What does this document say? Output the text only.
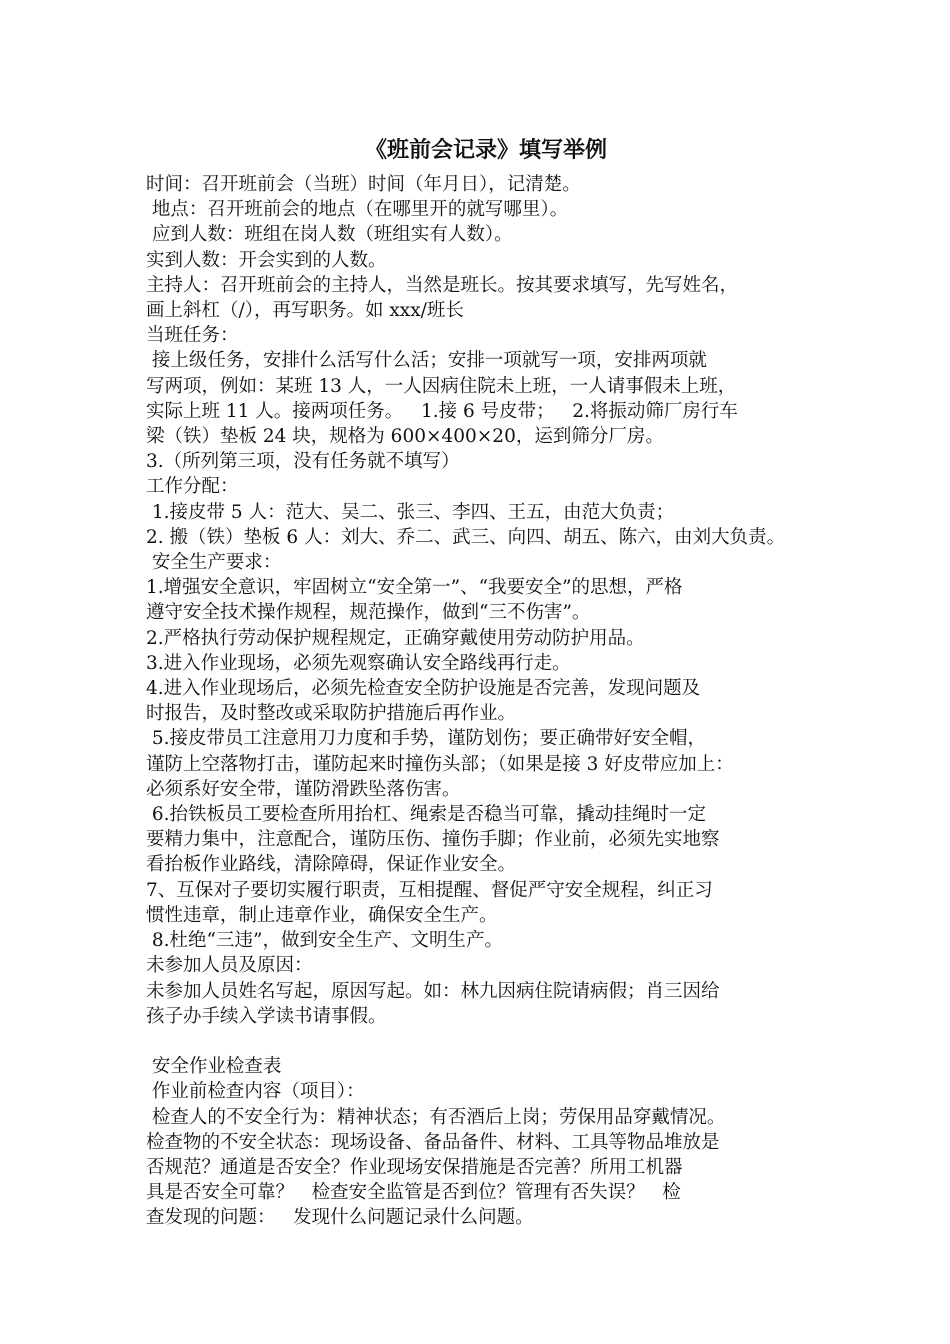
《班前会记录》填写举例

时间：召开班前会（当班）时间（年月日），记清楚。

地点：召开班前会的地点（在哪里开的就写哪里）。

应到人数：班组在岗人数（班组实有人数）。

实到人数：开会实到的人数。

主持人：召开班前会的主持人，当然是班长。按其要求填写，先写姓名，

画上斜杠（/），再写职务。如 xxx/班长

当班任务：

接上级任务，安排什么活写什么活；安排一项就写一项，安排两项就

写两项，例如：某班 13 人，一人因病住院未上班，一人请事假未上班，

实际上班 11 人。接两项任务。   1.接 6 号皮带；   2.将振动筛厂房行车

梁（铁）垫板 24 块，规格为 600×400×20，运到筛分厂房。

3.（所列第三项，没有任务就不填写）

工作分配：

1.接皮带 5 人：范大、吴二、张三、李四、王五，由范大负责；

2. 搬（铁）垫板 6 人：刘大、乔二、武三、向四、胡五、陈六，由刘大负责。

安全生产要求：

1.增强安全意识，牢固树立“安全第一”、“我要安全”的思想，严格

遵守安全技术操作规程，规范操作，做到“三不伤害”。

2.严格执行劳动保护规程规定，正确穿戴使用劳动防护用品。

3.进入作业现场，必须先观察确认安全路线再行走。

4.进入作业现场后，必须先检查安全防护设施是否完善，发现问题及

时报告，及时整改或采取防护措施后再作业。

5.接皮带员工注意用刀力度和手势，谨防划伤；要正确带好安全帽，

谨防上空落物打击，谨防起来时撞伤头部；（如果是接 3 好皮带应加上：

必须系好安全带，谨防滑跌坠落伤害。

6.抬铁板员工要检查所用抬杠、绳索是否稳当可靠，撬动挂绳时一定

要精力集中，注意配合，谨防压伤、撞伤手脚；作业前，必须先实地察

看抬板作业路线，清除障碍，保证作业安全。

7、互保对子要切实履行职责，互相提醒、督促严守安全规程，纠正习

惯性违章，制止违章作业，确保安全生产。

8.杜绝“三违”，做到安全生产、文明生产。

未参加人员及原因：

未参加人员姓名写起，原因写起。如：林九因病住院请病假；肖三因给

孩子办手续入学读书请事假。

安全作业检查表

作业前检查内容（项目）：

检查人的不安全行为：精神状态；有否酒后上岗；劳保用品穿戴情况。

检查物的不安全状态：现场设备、备品备件、材料、工具等物品堆放是

否规范？通道是否安全？作业现场安保措施是否完善？所用工机器

具是否安全可靠？   检查安全监管是否到位？管理有否失误？   检

查发现的问题：   发现什么问题记录什么问题。
